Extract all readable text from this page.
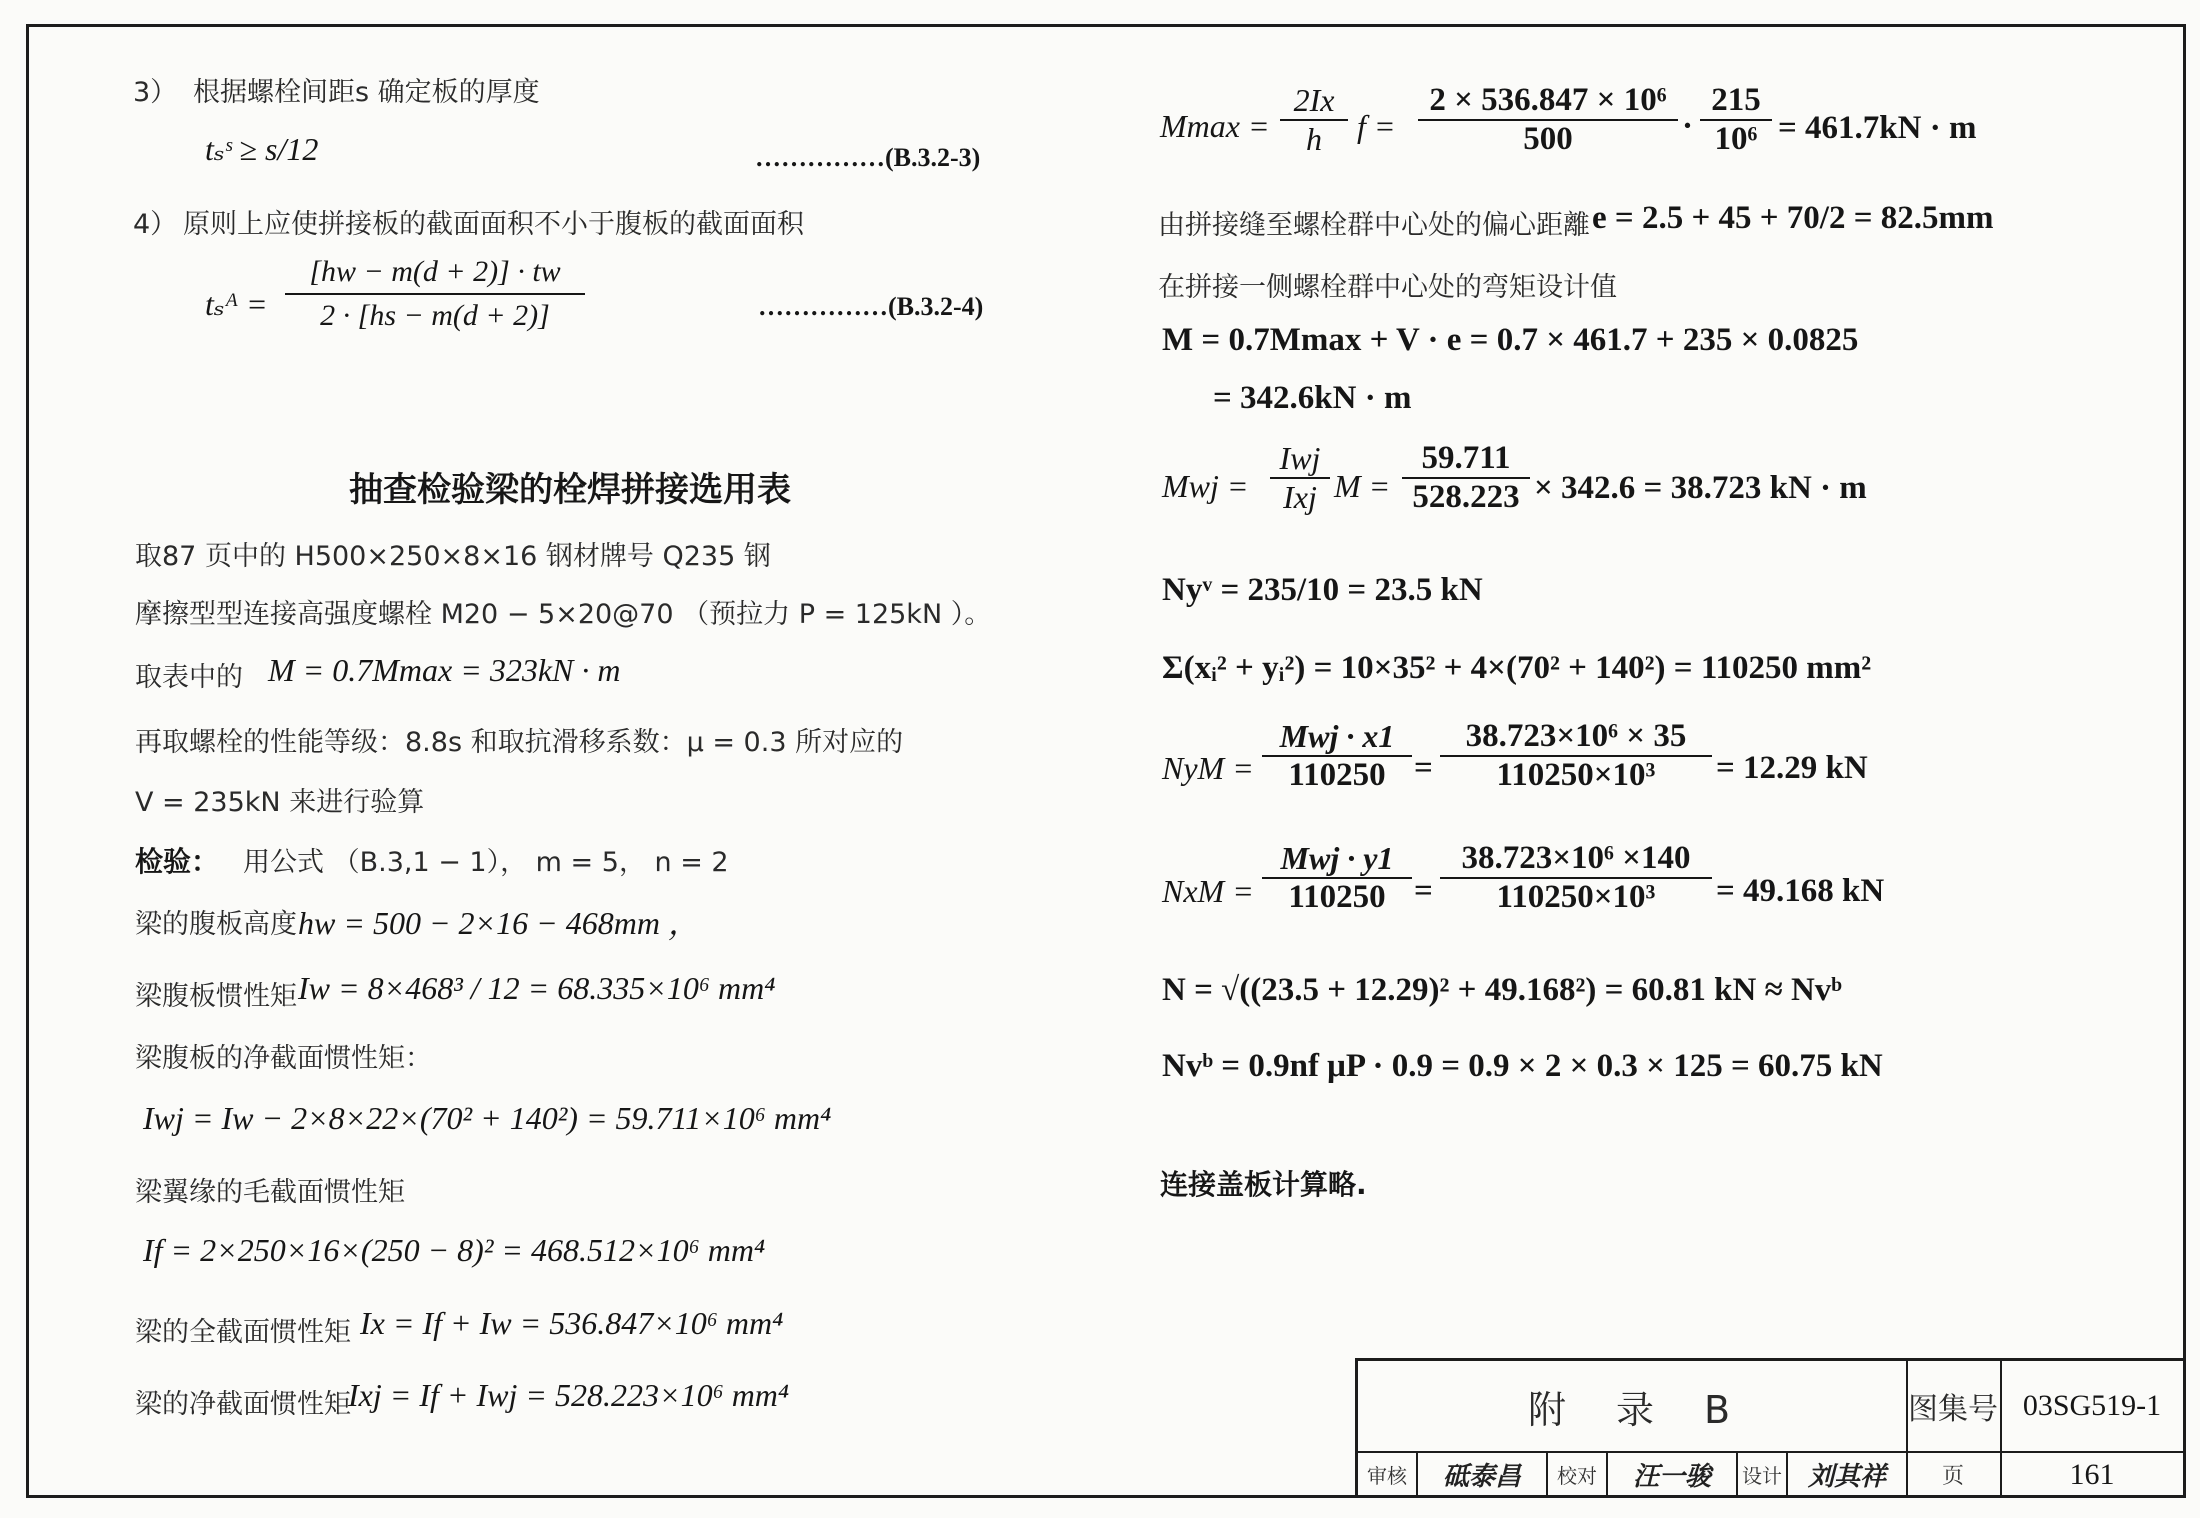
3） 根据螺栓间距s 确定板的厚度
tₛˢ ≥ s/12	……………(B.3.2-3)
4） 原则上应使拼接板的截面面积不小于腹板的截面面积
tₛᴬ = $\frac{[hw - m(d + 2)] \cdot tw}{2 \cdot [hs - m(d + 2)]}$	……………(B.3.2-4)
抽查检验梁的栓焊拼接选用表
取87 页中的 H500×250×8×16 钢材牌号 Q235 钢
摩擦型型连接高强度螺栓 M20 − 5×20@70 （预拉力 P = 125kN ）。
取表中的 M = 0.7Mmax = 323kN · m
再取螺栓的性能等级：8.8s 和取抗滑移系数：μ = 0.3 所对应的
V = 235kN 来进行验算
检验： 用公式 （B.3,1 − 1）， m = 5， n = 2
梁的腹板高度 hw = 500 − 2×16 − 468mm ，
梁腹板惯性矩 Iw = 8×468³ / 12 = 68.335×10⁶ mm⁴
梁腹板的净截面惯性矩：
Iwj = Iw − 2×8×22×(70² + 140²) = 59.711×10⁶ mm⁴
梁翼缘的毛截面惯性矩
If = 2×250×16×(250 − 8)² = 468.512×10⁶ mm⁴
梁的全截面惯性矩 Ix = If + Iw = 536.847×10⁶ mm⁴
梁的净截面惯性矩
Ixj = If + Iwj = 528.223×10⁶ mm⁴
$Mmax = \frac{2Ix}{h}$ $f = \frac{\text{2 × 536.847 × 10⁶}}{500} \cdot \frac{215}{\text{10⁶}} = 461.7kN \cdot m$
由拼接缝至螺栓群中心处的偏心距離 e = 2.5 + 45 + 70/2 = 82.5mm
在拼接一侧螺栓群中心处的弯矩设计值
M = 0.7Mmax + V · e = 0.7 × 461.7 + 235 × 0.0825
= 342.6kN · m
Mwj =
Iwj
Ixj $M = \frac{59.711}{528.223} \times 342.6 = 38.723$ kN · m
Nyᵛ = 235/10 = 23.5 kN
Σ(xᵢ² + yᵢ²) = 10×35² + 4×(70² + 140²) = 110250 mm²
NyM =
Mwj · x1
$110250 = \frac{\text{38.723×10⁶ × 35}}{\text{110250×10³}} = 12.29$ kN
NxM =
Mwj · y1
$110250 = \frac{\text{38.723×10⁶ ×140}}{\text{110250×10³}} = 49.168$ kN
N = √((23.5 + 12.29)² + 49.168²) = 60.81 kN ≈ Nvᵇ
Nvᵇ = 0.9nf μP · 0.9 = 0.9 × 2 × 0.3 × 125 = 60.75 kN
连接盖板计算略.
附　录　B	图集号 03SG519-1
审核 砥泰昌 校对 汪一骏 设计 刘其祥	页	161
